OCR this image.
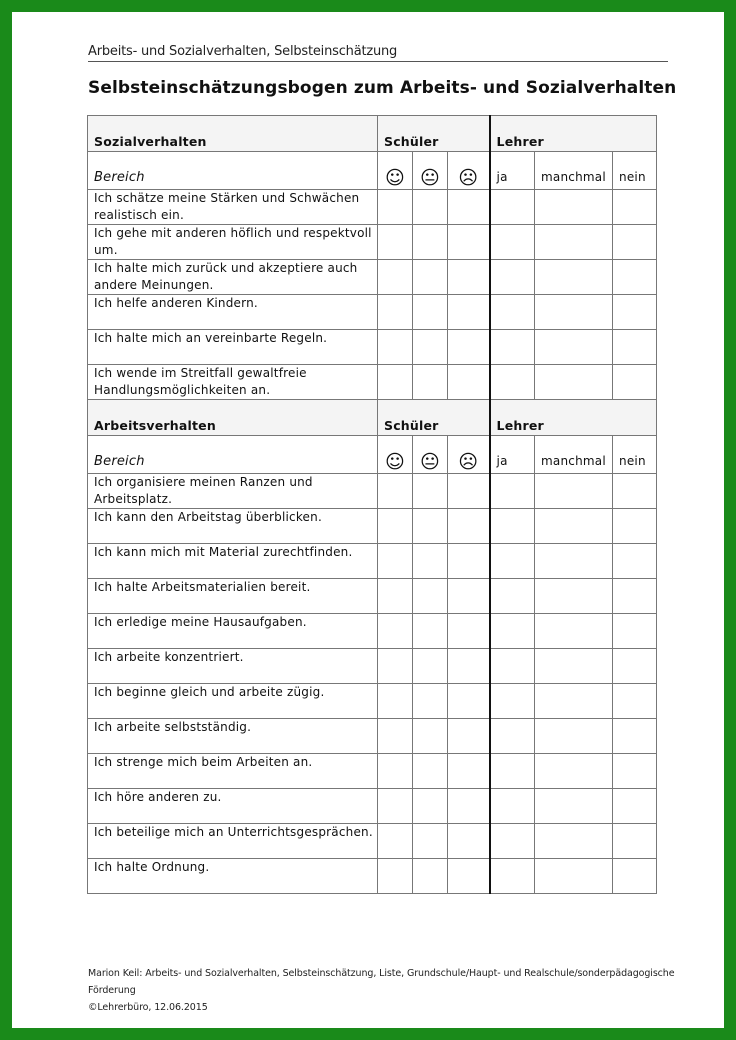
Arbeits- und Sozialverhalten, Selbsteinschätzung
Selbsteinschätzungsbogen zum Arbeits- und Sozialverhalten
Sozialverhalten	Schüler			Lehrer		
Bereich	☺	😐	☹	ja	manchmal	nein
Ich schätze meine Stärken und Schwächen realistisch ein.						
Ich gehe mit anderen höflich und respektvoll um.						
Ich halte mich zurück und akzeptiere auch andere Meinungen.						
Ich helfe anderen Kindern.						
Ich halte mich an vereinbarte Regeln.						
Ich wende im Streitfall gewaltfreie Handlungsmöglichkeiten an.						
Arbeitsverhalten	Schüler			Lehrer		
Bereich	☺	😐	☹	ja	manchmal	nein
Ich organisiere meinen Ranzen und Arbeitsplatz.						
Ich kann den Arbeitstag überblicken.						
Ich kann mich mit Material zurechtfinden.						
Ich halte Arbeitsmaterialien bereit.						
Ich erledige meine Hausaufgaben.						
Ich arbeite konzentriert.						
Ich beginne gleich und arbeite zügig.						
Ich arbeite selbstständig.						
Ich strenge mich beim Arbeiten an.						
Ich höre anderen zu.						
Ich beteilige mich an Unterrichtsgesprächen.						
Ich halte Ordnung.						
Marion Keil: Arbeits- und Sozialverhalten, Selbsteinschätzung, Liste, Grundschule/Haupt- und Realschule/sonderpädagogische
Förderung
©Lehrerbüro, 12.06.2015
